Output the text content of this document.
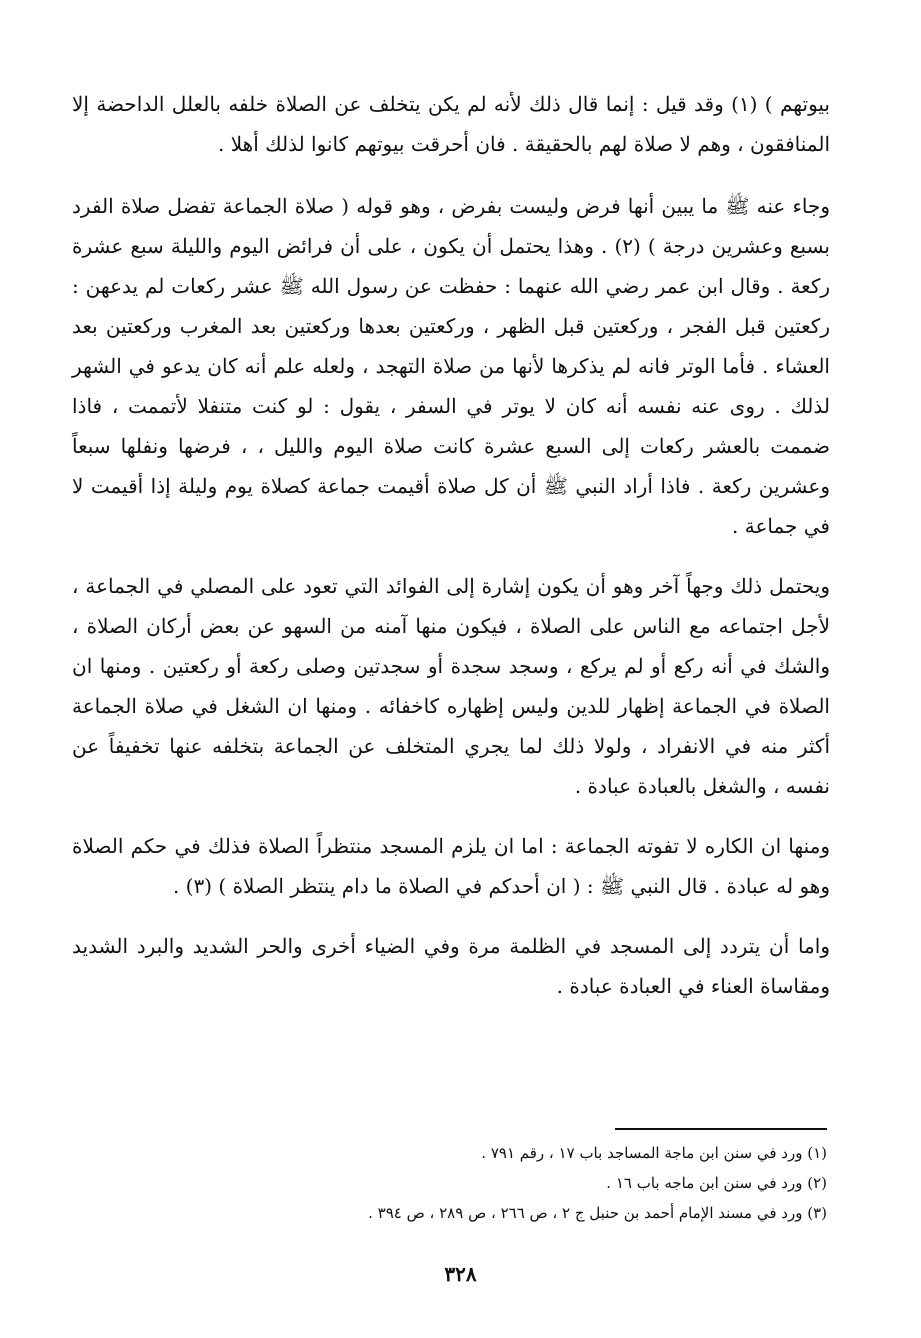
بيوتهم ) (١) وقد قيل : إنما قال ذلك لأنه لم يكن يتخلف عن الصلاة خلفه بالعلل الداحضة إلا المنافقون ، وهم لا صلاة لهم بالحقيقة . فان أحرقت بيوتهم كانوا لذلك أهلا .

وجاء عنه ﷺ ما يبين أنها فرض وليست بفرض ، وهو قوله ( صلاة الجماعة تفضل صلاة الفرد بسبع وعشرين درجة ) (٢) . وهذا يحتمل أن يكون ، على أن فرائض اليوم والليلة سبع عشرة ركعة . وقال ابن عمر رضي الله عنهما : حفظت عن رسول الله ﷺ عشر ركعات لم يدعهن : ركعتين قبل الفجر ، وركعتين قبل الظهر ، وركعتين بعدها وركعتين بعد المغرب وركعتين بعد العشاء . فأما الوتر فانه لم يذكرها لأنها من صلاة التهجد ، ولعله علم أنه كان يدعو في الشهر لذلك . روى عنه نفسه أنه كان لا يوتر في السفر ، يقول : لو كنت متنفلا لأتممت ، فاذا ضممت بالعشر ركعات إلى السبع عشرة كانت صلاة اليوم والليل ، ، فرضها ونفلها سبعاً وعشرين ركعة . فاذا أراد النبي ﷺ أن كل صلاة أقيمت جماعة كصلاة يوم وليلة إذا أقيمت لا في جماعة .

ويحتمل ذلك وجهاً آخر وهو أن يكون إشارة إلى الفوائد التي تعود على المصلي في الجماعة ، لأجل اجتماعه مع الناس على الصلاة ، فيكون منها آمنه من السهو عن بعض أركان الصلاة ، والشك في أنه ركع أو لم يركع ، وسجد سجدة أو سجدتين وصلى ركعة أو ركعتين . ومنها ان الصلاة في الجماعة إظهار للدين وليس إظهاره كاخفائه . ومنها ان الشغل في صلاة الجماعة أكثر منه في الانفراد ، ولولا ذلك لما يجري المتخلف عن الجماعة بتخلفه عنها تخفيفاً عن نفسه ، والشغل بالعبادة عبادة .

ومنها ان الكاره لا تفوته الجماعة : اما ان يلزم المسجد منتظراً الصلاة فذلك في حكم الصلاة وهو له عبادة . قال النبي ﷺ : ( ان أحدكم في الصلاة ما دام ينتظر الصلاة ) (٣) .

واما أن يتردد إلى المسجد في الظلمة مرة وفي الضياء أخرى والحر الشديد والبرد الشديد ومقاساة العناء في العبادة عبادة .

(١) ورد في سنن ابن ماجة المساجد باب ١٧ ، رقم ٧٩١ .

(٢) ورد في سنن ابن ماجه باب ١٦ .

(٣) ورد في مسند الإمام أحمد بن حنبل ج ٢ ، ص ٢٦٦ ، ص ٢٨٩ ، ص ٣٩٤ .

٣٢٨
